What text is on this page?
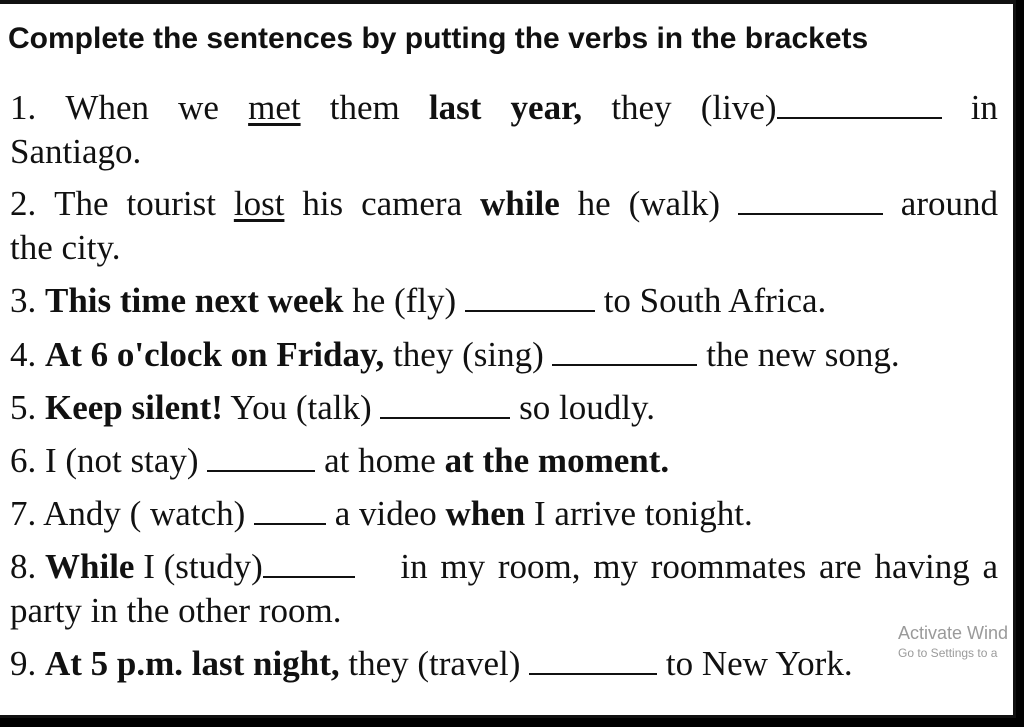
Complete the sentences by putting the verbs in the brackets
1. When we met them last year, they (live)	in
Santiago.
2. The tourist lost his camera while he (walk)	around
the city.
3. This time next week he (fly)	to South Africa.
4. At 6 o'clock on Friday, they (sing)	the new song.
5. Keep silent! You (talk)	so loudly.
6. I (not stay)	at home at the moment.
7. Andy ( watch)  a video when I arrive tonight.
8. While I (study)	in my room, my roommates are having a
party in the other room.
9. At 5 p.m. last night, they (travel)	to New York.
Activate Wind
Go to Settings to a
